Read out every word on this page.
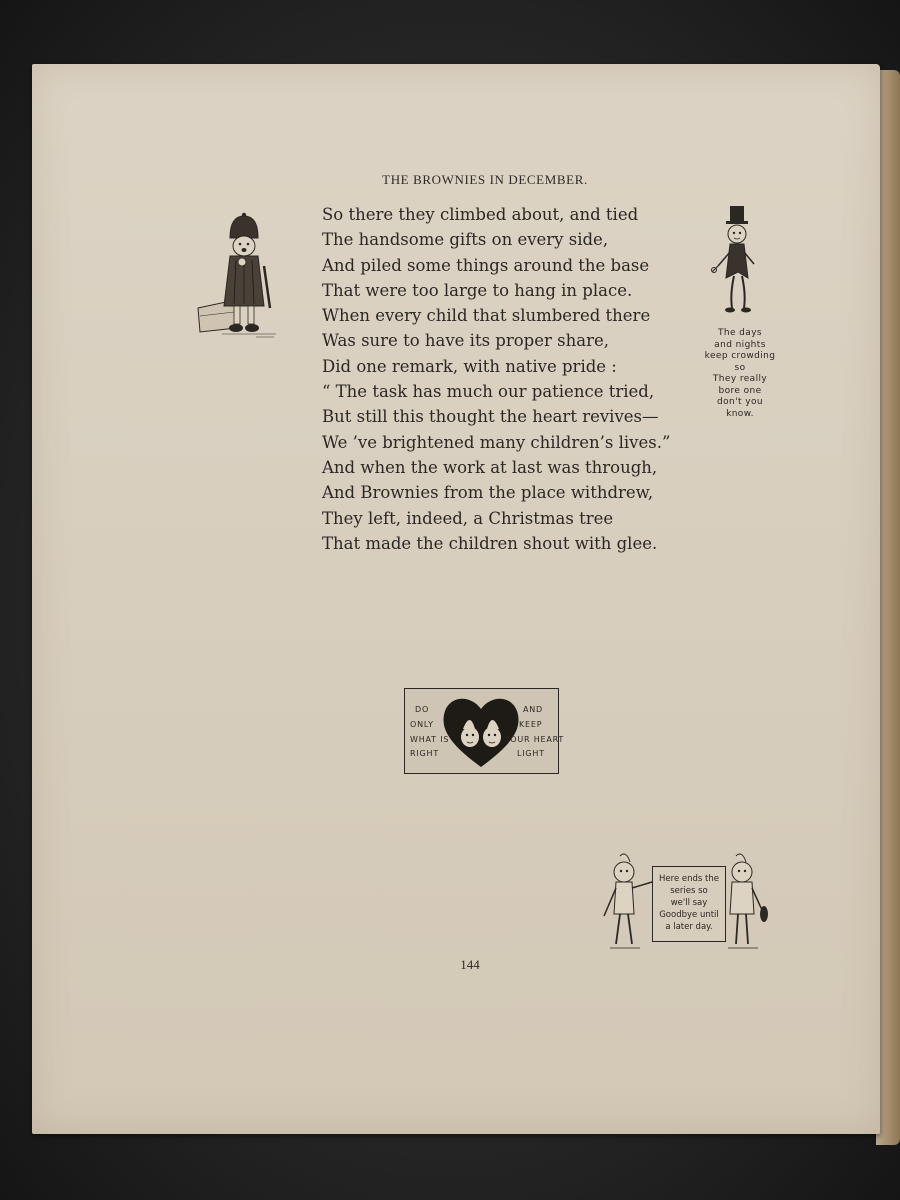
THE BROWNIES IN DECEMBER.
So there they climbed about, and tied
The handsome gifts on every side,
And piled some things around the base
That were too large to hang in place.
When every child that slumbered there
Was sure to have its proper share,
Did one remark, with native pride :
“ The task has much our patience tried,
But still this thought the heart revives—
We ’ve brightened many children’s lives.”
And when the work at last was through,
And Brownies from the place withdrew,
They left, indeed, a Christmas tree
That made the children shout with glee.
The days
and nights
keep crowding
so
They really
bore one
don't you
know.
DO
ONLY
WHAT IS
RIGHT
AND
KEEP
YOUR HEART
LIGHT
Here ends the
series so
we'll say
Goodbye until
a later day.
144
